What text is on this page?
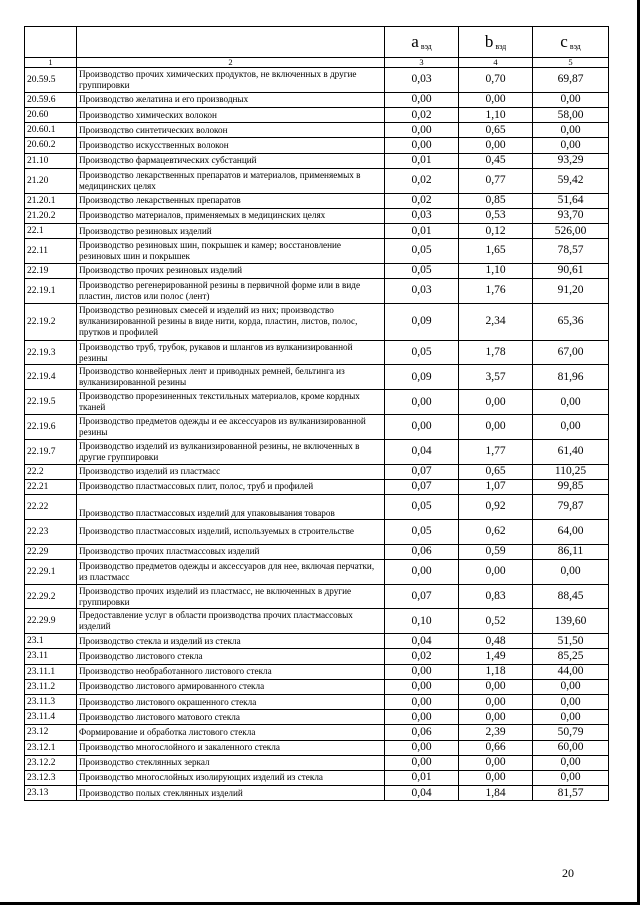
		a $_{вэд}$	b $_{вэд}$	c $_{вэд}$
1	2	3	4	5
20.59.5	Производство прочих химических продуктов, не включенных в другие группировки	0,03	0,70	69,87
20.59.6	Производство желатина и его производных	0,00	0,00	0,00
20.60	Производство химических волокон	0,02	1,10	58,00
20.60.1	Производство синтетических волокон	0,00	0,65	0,00
20.60.2	Производство искусственных волокон	0,00	0,00	0,00
21.10	Производство фармацевтических субстанций	0,01	0,45	93,29
21.20	Производство лекарственных препаратов и материалов, применяемых в медицинских целях	0,02	0,77	59,42
21.20.1	Производство лекарственных препаратов	0,02	0,85	51,64
21.20.2	Производство материалов, применяемых в медицинских целях	0,03	0,53	93,70
22.1	Производство резиновых изделий	0,01	0,12	526,00
22.11	Производство резиновых шин, покрышек и камер; восстановление резиновых шин и покрышек	0,05	1,65	78,57
22.19	Производство прочих резиновых изделий	0,05	1,10	90,61
22.19.1	Производство регенерированной резины в первичной форме или в виде пластин, листов или полос (лент)	0,03	1,76	91,20
22.19.2	Производство резиновых смесей и изделий из них; производство вулканизированной резины в виде нити, корда, пластин, листов, полос, прутков и профилей	0,09	2,34	65,36
22.19.3	Производство труб, трубок, рукавов и шлангов из вулканизированной резины	0,05	1,78	67,00
22.19.4	Производство конвейерных лент и приводных ремней, бельтинга из вулканизированной резины	0,09	3,57	81,96
22.19.5	Производство прорезиненных текстильных материалов, кроме кордных тканей	0,00	0,00	0,00
22.19.6	Производство предметов одежды и ее аксессуаров из вулканизированной резины	0,00	0,00	0,00
22.19.7	Производство изделий из вулканизированной резины, не включенных в другие группировки	0,04	1,77	61,40
22.2	Производство изделий из пластмасс	0,07	0,65	110,25
22.21	Производство пластмассовых плит, полос, труб и профилей	0,07	1,07	99,85
22.22	Производство пластмассовых изделий для упаковывания товаров	0,05	0,92	79,87
22.23	Производство пластмассовых изделий, используемых в строительстве	0,05	0,62	64,00
22.29	Производство прочих пластмассовых изделий	0,06	0,59	86,11
22.29.1	Производство предметов одежды и аксессуаров для нее, включая перчатки, из пластмасс	0,00	0,00	0,00
22.29.2	Производство прочих изделий из пластмасс, не включенных в другие группировки	0,07	0,83	88,45
22.29.9	Предоставление услуг в области производства прочих пластмассовых изделий	0,10	0,52	139,60
23.1	Производство стекла и изделий из стекла	0,04	0,48	51,50
23.11	Производство листового стекла	0,02	1,49	85,25
23.11.1	Производство необработанного листового стекла	0,00	1,18	44,00
23.11.2	Производство листового армированного стекла	0,00	0,00	0,00
23.11.3	Производство листового окрашенного стекла	0,00	0,00	0,00
23.11.4	Производство листового матового стекла	0,00	0,00	0,00
23.12	Формирование и обработка листового стекла	0,06	2,39	50,79
23.12.1	Производство многослойного и закаленного стекла	0,00	0,66	60,00
23.12.2	Производство стеклянных зеркал	0,00	0,00	0,00
23.12.3	Производство многослойных изолирующих изделий из стекла	0,01	0,00	0,00
23.13	Производство полых стеклянных изделий	0,04	1,84	81,57
20
